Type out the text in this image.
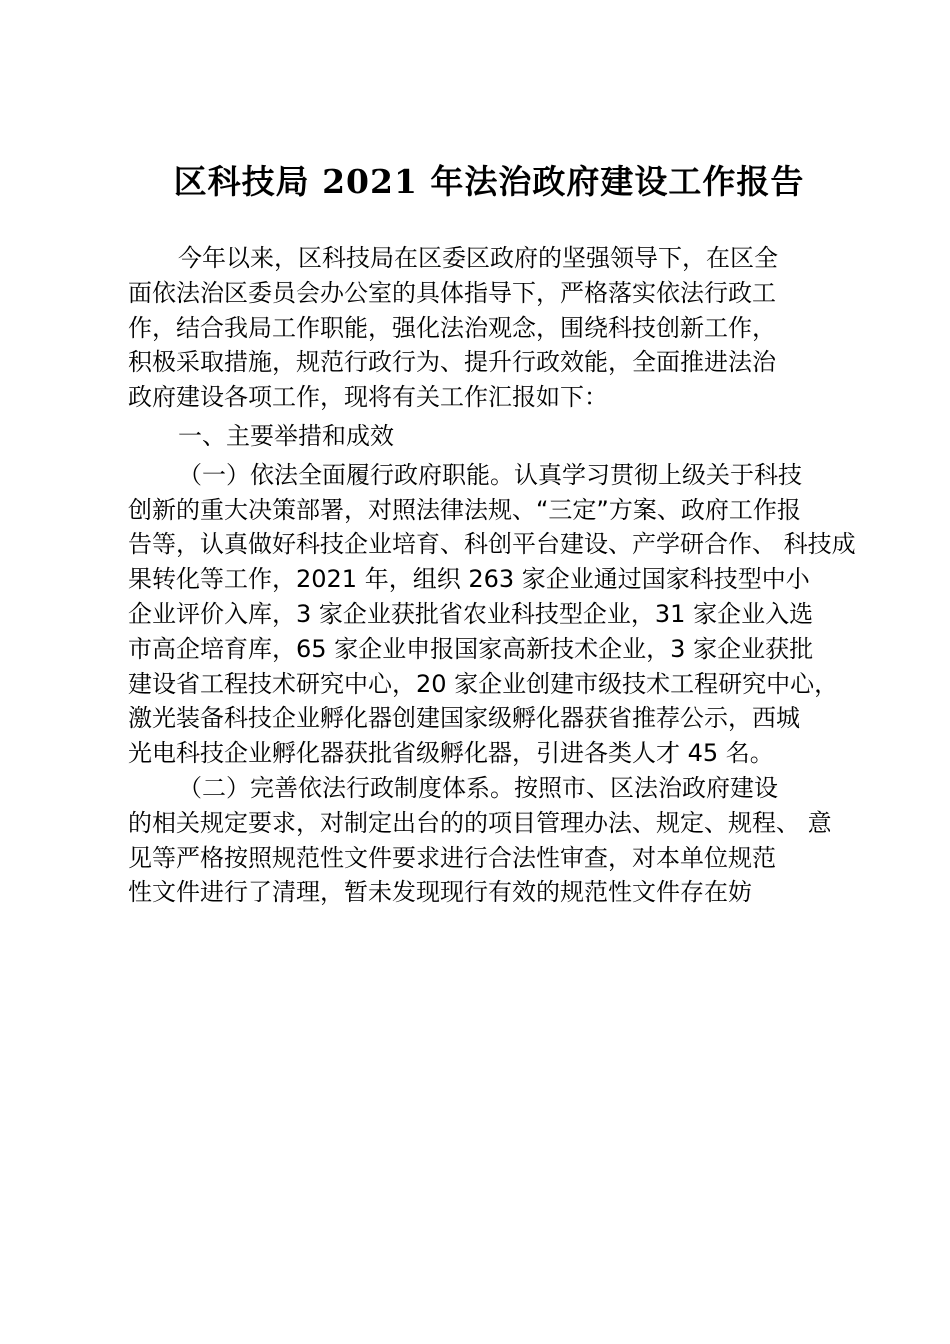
区科技局 2021 年法治政府建设工作报告
今年以来，区科技局在区委区政府的坚强领导下，在区全
面依法治区委员会办公室的具体指导下，严格落实依法行政工
作，结合我局工作职能，强化法治观念，围绕科技创新工作，
积极采取措施，规范行政行为、提升行政效能，全面推进法治
政府建设各项工作，现将有关工作汇报如下：
一、主要举措和成效
（一）依法全面履行政府职能。认真学习贯彻上级关于科技
创新的重大决策部署，对照法律法规、“三定”方案、政府工作报
告等，认真做好科技企业培育、科创平台建设、产学研合作、 科技成
果转化等工作，2021 年，组织 263 家企业通过国家科技型中小
企业评价入库，3 家企业获批省农业科技型企业，31 家企业入选
市高企培育库，65 家企业申报国家高新技术企业，3 家企业获批
建设省工程技术研究中心，20 家企业创建市级技术工程研究中心，
激光装备科技企业孵化器创建国家级孵化器获省推荐公示，西城
光电科技企业孵化器获批省级孵化器，引进各类人才 45 名。
（二）完善依法行政制度体系。按照市、区法治政府建设
的相关规定要求，对制定出台的的项目管理办法、规定、规程、 意
见等严格按照规范性文件要求进行合法性审查，对本单位规范
性文件进行了清理，暂未发现现行有效的规范性文件存在妨
